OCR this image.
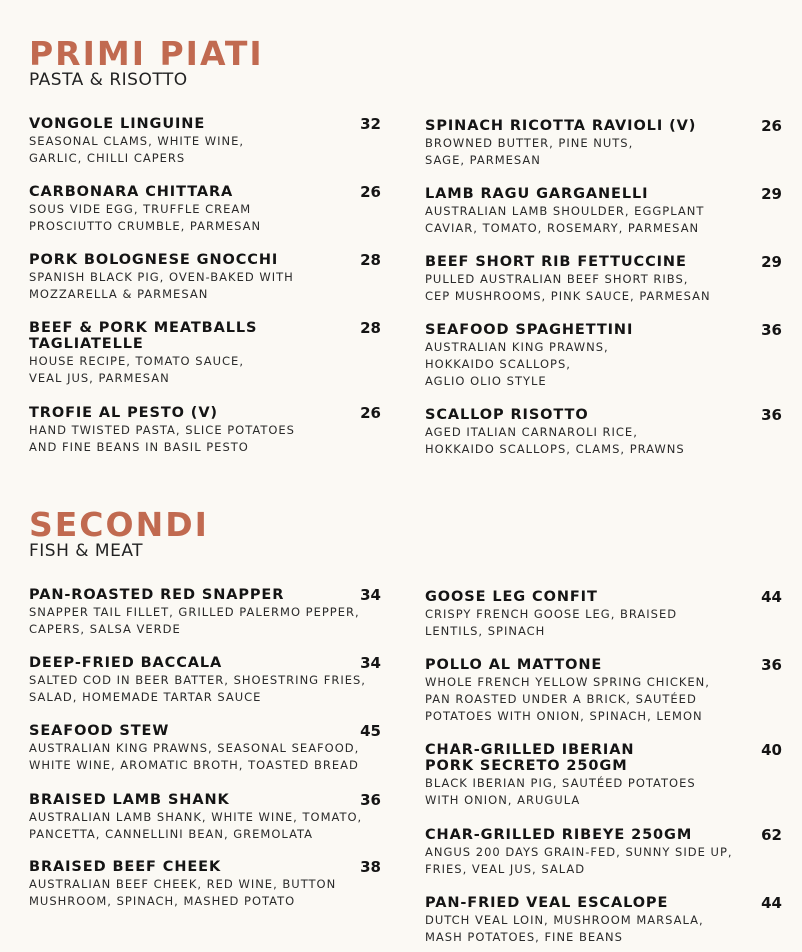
PRIMI PIATI
PASTA & RISOTTO
VONGOLE LINGUINE
SEASONAL CLAMS, WHITE WINE,
GARLIC, CHILLI CAPERS
32
CARBONARA CHITTARA
SOUS VIDE EGG, TRUFFLE CREAM
PROSCIUTTO CRUMBLE, PARMESAN
26
PORK BOLOGNESE GNOCCHI
SPANISH BLACK PIG, OVEN-BAKED WITH
MOZZARELLA & PARMESAN
28
BEEF & PORK MEATBALLS
TAGLIATELLE
HOUSE RECIPE, TOMATO SAUCE,
VEAL JUS, PARMESAN
28
TROFIE AL PESTO (V)
HAND TWISTED PASTA, SLICE POTATOES
AND FINE BEANS IN BASIL PESTO
26
SPINACH RICOTTA RAVIOLI (V)
BROWNED BUTTER, PINE NUTS,
SAGE, PARMESAN
26
LAMB RAGU GARGANELLI
AUSTRALIAN LAMB SHOULDER, EGGPLANT
CAVIAR, TOMATO, ROSEMARY, PARMESAN
29
BEEF SHORT RIB FETTUCCINE
PULLED AUSTRALIAN BEEF SHORT RIBS,
CEP MUSHROOMS, PINK SAUCE, PARMESAN
29
SEAFOOD SPAGHETTINI
AUSTRALIAN KING PRAWNS,
HOKKAIDO SCALLOPS,
AGLIO OLIO STYLE
36
SCALLOP RISOTTO
AGED ITALIAN CARNAROLI RICE,
HOKKAIDO SCALLOPS, CLAMS, PRAWNS
36
SECONDI
FISH & MEAT
PAN-ROASTED RED SNAPPER
SNAPPER TAIL FILLET, GRILLED PALERMO PEPPER,
CAPERS, SALSA VERDE
34
DEEP-FRIED BACCALA
SALTED COD IN BEER BATTER, SHOESTRING FRIES,
SALAD, HOMEMADE TARTAR SAUCE
34
SEAFOOD STEW
AUSTRALIAN KING PRAWNS, SEASONAL SEAFOOD,
WHITE WINE, AROMATIC BROTH, TOASTED BREAD
45
BRAISED LAMB SHANK
AUSTRALIAN LAMB SHANK, WHITE WINE, TOMATO,
PANCETTA, CANNELLINI BEAN, GREMOLATA
36
BRAISED BEEF CHEEK
AUSTRALIAN BEEF CHEEK, RED WINE, BUTTON
MUSHROOM, SPINACH, MASHED POTATO
38
GOOSE LEG CONFIT
CRISPY FRENCH GOOSE LEG, BRAISED
LENTILS, SPINACH
44
POLLO AL MATTONE
WHOLE FRENCH YELLOW SPRING CHICKEN,
PAN ROASTED UNDER A BRICK, SAUTÉED
POTATOES WITH ONION, SPINACH, LEMON
36
CHAR-GRILLED IBERIAN
PORK SECRETO 250GM
BLACK IBERIAN PIG, SAUTÉED POTATOES
WITH ONION, ARUGULA
40
CHAR-GRILLED RIBEYE 250GM
ANGUS 200 DAYS GRAIN-FED, SUNNY SIDE UP,
FRIES, VEAL JUS, SALAD
62
PAN-FRIED VEAL ESCALOPE
DUTCH VEAL LOIN, MUSHROOM MARSALA,
MASH POTATOES, FINE BEANS
44
